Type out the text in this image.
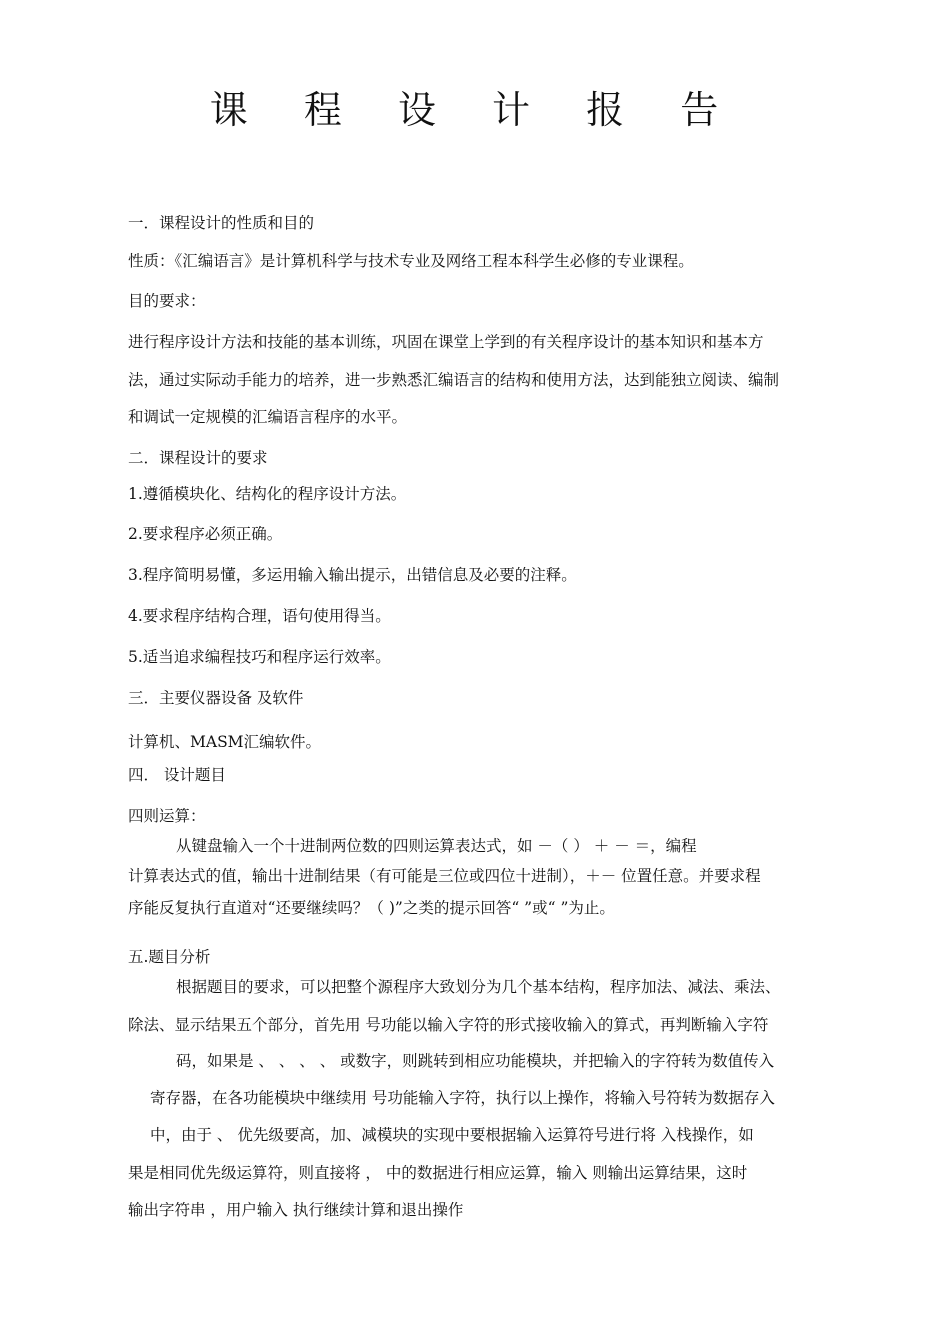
课 程 设 计 报 告
一．课程设计的性质和目的
性质：《汇编语言》是计算机科学与技术专业及网络工程本科学生必修的专业课程。
目的要求：
进行程序设计方法和技能的基本训练，巩固在课堂上学到的有关程序设计的基本知识和基本方
法，通过实际动手能力的培养，进一步熟悉汇编语言的结构和使用方法，达到能独立阅读、编制
和调试一定规模的汇编语言程序的水平。
二．课程设计的要求
1.遵循模块化、结构化的程序设计方法。
2.要求程序必须正确。
3.程序简明易懂，多运用输入输出提示，出错信息及必要的注释。
4.要求程序结构合理，语句使用得当。
5.适当追求编程技巧和程序运行效率。
三．主要仪器设备 及软件
计算机、MASM汇编软件。
四． 设计题目
四则运算：
从键盘输入一个十进制两位数的四则运算表达式，如 －（ ） ＋ － ＝，编程
计算表达式的值，输出十进制结果（有可能是三位或四位十进制），＋－ 位置任意。并要求程
序能反复执行直道对“还要继续吗？（ )”之类的提示回答“ ”或“ ”为止。
五.题目分析
根据题目的要求，可以把整个源程序大致划分为几个基本结构，程序加法、减法、乘法、
除法、显示结果五个部分，首先用 号功能以输入字符的形式接收输入的算式，再判断输入字符
码，如果是 、 、 、 、 或数字，则跳转到相应功能模块，并把输入的字符转为数值传入
寄存器，在各功能模块中继续用 号功能输入字符，执行以上操作，将输入号符转为数据存入
中，由于 、 优先级要高，加、减模块的实现中要根据输入运算符号进行将 入栈操作，如
果是相同优先级运算符，则直接将 ， 中的数据进行相应运算，输入 则输出运算结果，这时
输出字符串 ，用户输入 执行继续计算和退出操作
